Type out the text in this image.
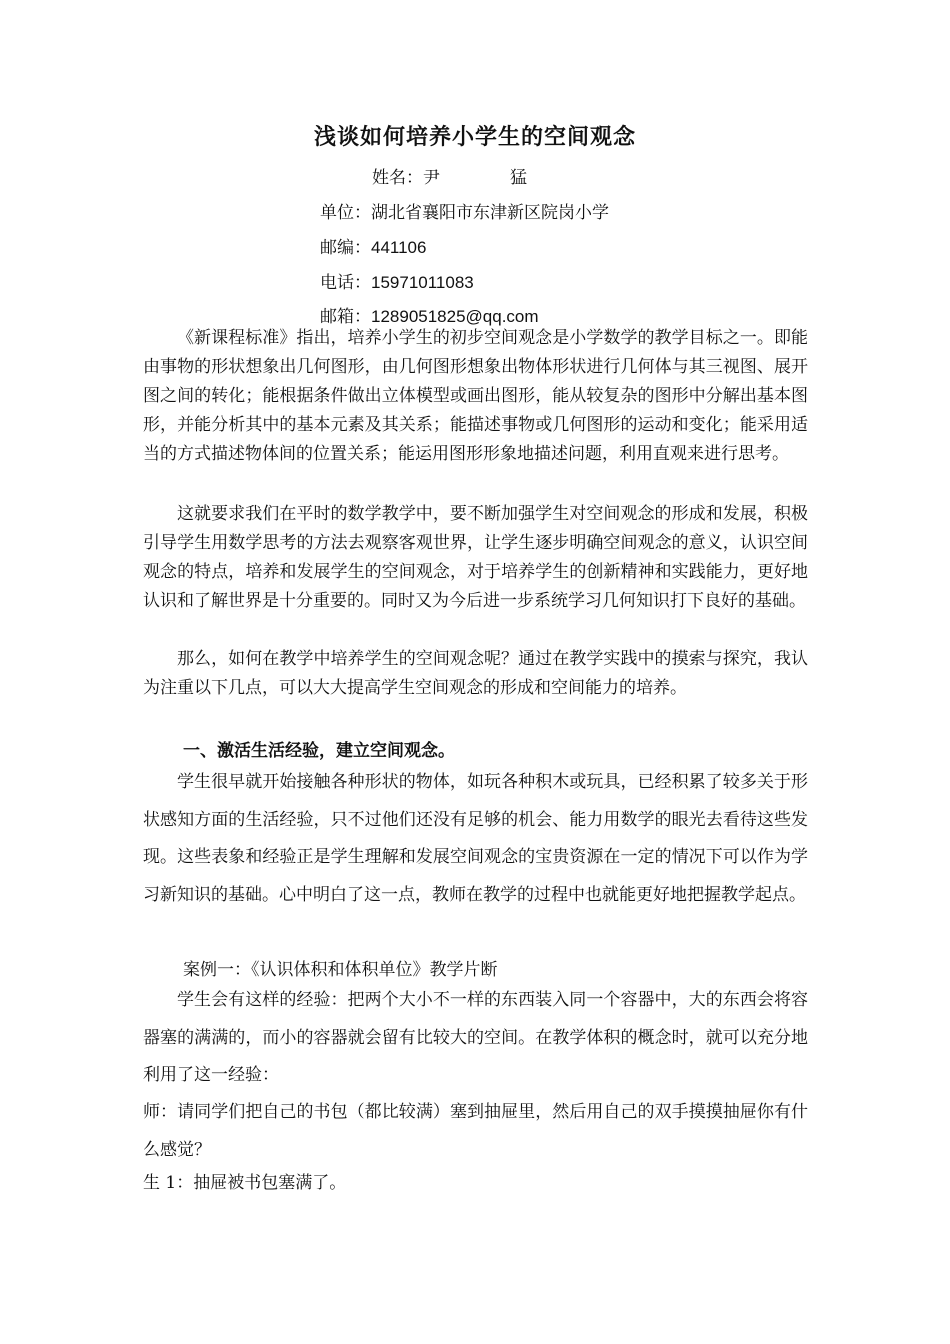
浅谈如何培养小学生的空间观念
姓名：尹	猛
单位：湖北省襄阳市东津新区院岗小学
邮编：441106
电话：15971011083
邮箱：1289051825@qq.com
《新课程标准》指出，培养小学生的初步空间观念是小学数学的教学目标之一。即能由事物的形状想象出几何图形，由几何图形想象出物体形状进行几何体与其三视图、展开图之间的转化；能根据条件做出立体模型或画出图形，能从较复杂的图形中分解出基本图形，并能分析其中的基本元素及其关系；能描述事物或几何图形的运动和变化；能采用适当的方式描述物体间的位置关系；能运用图形形象地描述问题，利用直观来进行思考。
这就要求我们在平时的数学教学中，要不断加强学生对空间观念的形成和发展，积极引导学生用数学思考的方法去观察客观世界，让学生逐步明确空间观念的意义，认识空间观念的特点，培养和发展学生的空间观念，对于培养学生的创新精神和实践能力，更好地认识和了解世界是十分重要的。同时又为今后进一步系统学习几何知识打下良好的基础。
那么，如何在教学中培养学生的空间观念呢？通过在教学实践中的摸索与探究，我认为注重以下几点，可以大大提高学生空间观念的形成和空间能力的培养。
一、激活生活经验，建立空间观念。
学生很早就开始接触各种形状的物体，如玩各种积木或玩具，已经积累了较多关于形状感知方面的生活经验，只不过他们还没有足够的机会、能力用数学的眼光去看待这些发现。这些表象和经验正是学生理解和发展空间观念的宝贵资源在一定的情况下可以作为学习新知识的基础。心中明白了这一点，教师在教学的过程中也就能更好地把握教学起点。
案例一：《认识体积和体积单位》教学片断
学生会有这样的经验：把两个大小不一样的东西装入同一个容器中，大的东西会将容器塞的满满的，而小的容器就会留有比较大的空间。在教学体积的概念时，就可以充分地利用了这一经验：
师：请同学们把自己的书包（都比较满）塞到抽屉里，然后用自己的双手摸摸抽屉你有什么感觉？
生 1：抽屉被书包塞满了。
